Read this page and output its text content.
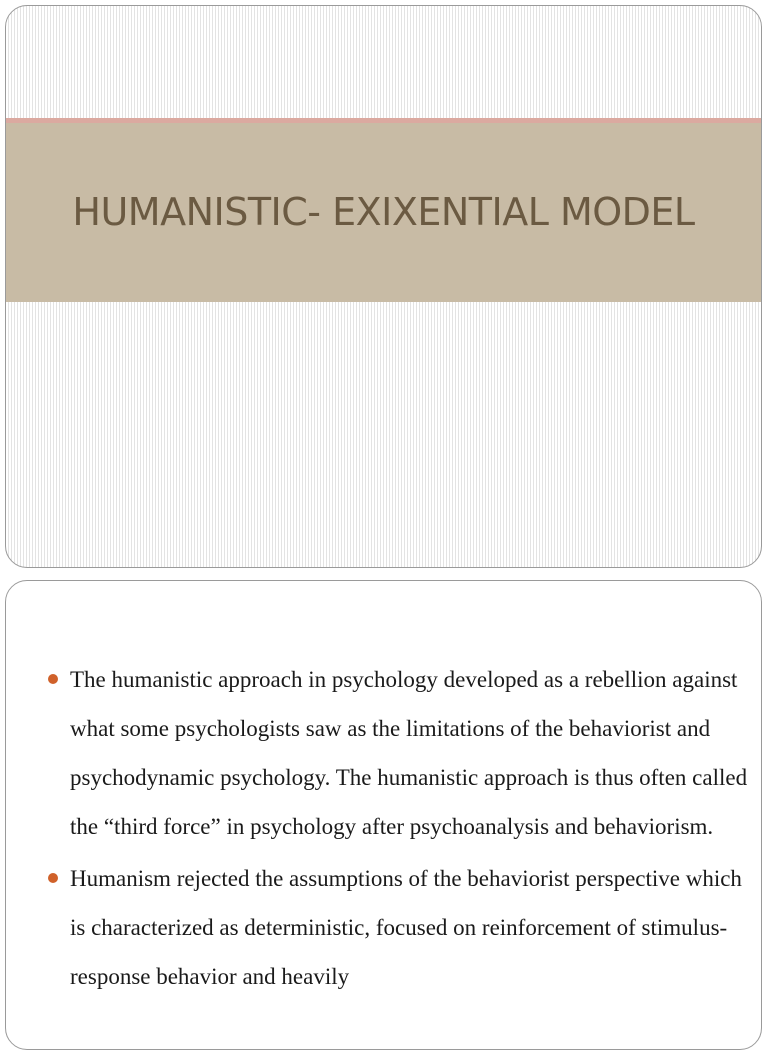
HUMANISTIC- EXIXENTIAL MODEL
The humanistic approach in psychology developed as a rebellion against what some psychologists saw as the limitations of the behaviorist and psychodynamic psychology. The humanistic approach is thus often called the “third force” in psychology after psychoanalysis and behaviorism.
Humanism rejected the assumptions of the behaviorist perspective which is characterized as deterministic, focused on reinforcement of stimulus-response behavior and heavily
